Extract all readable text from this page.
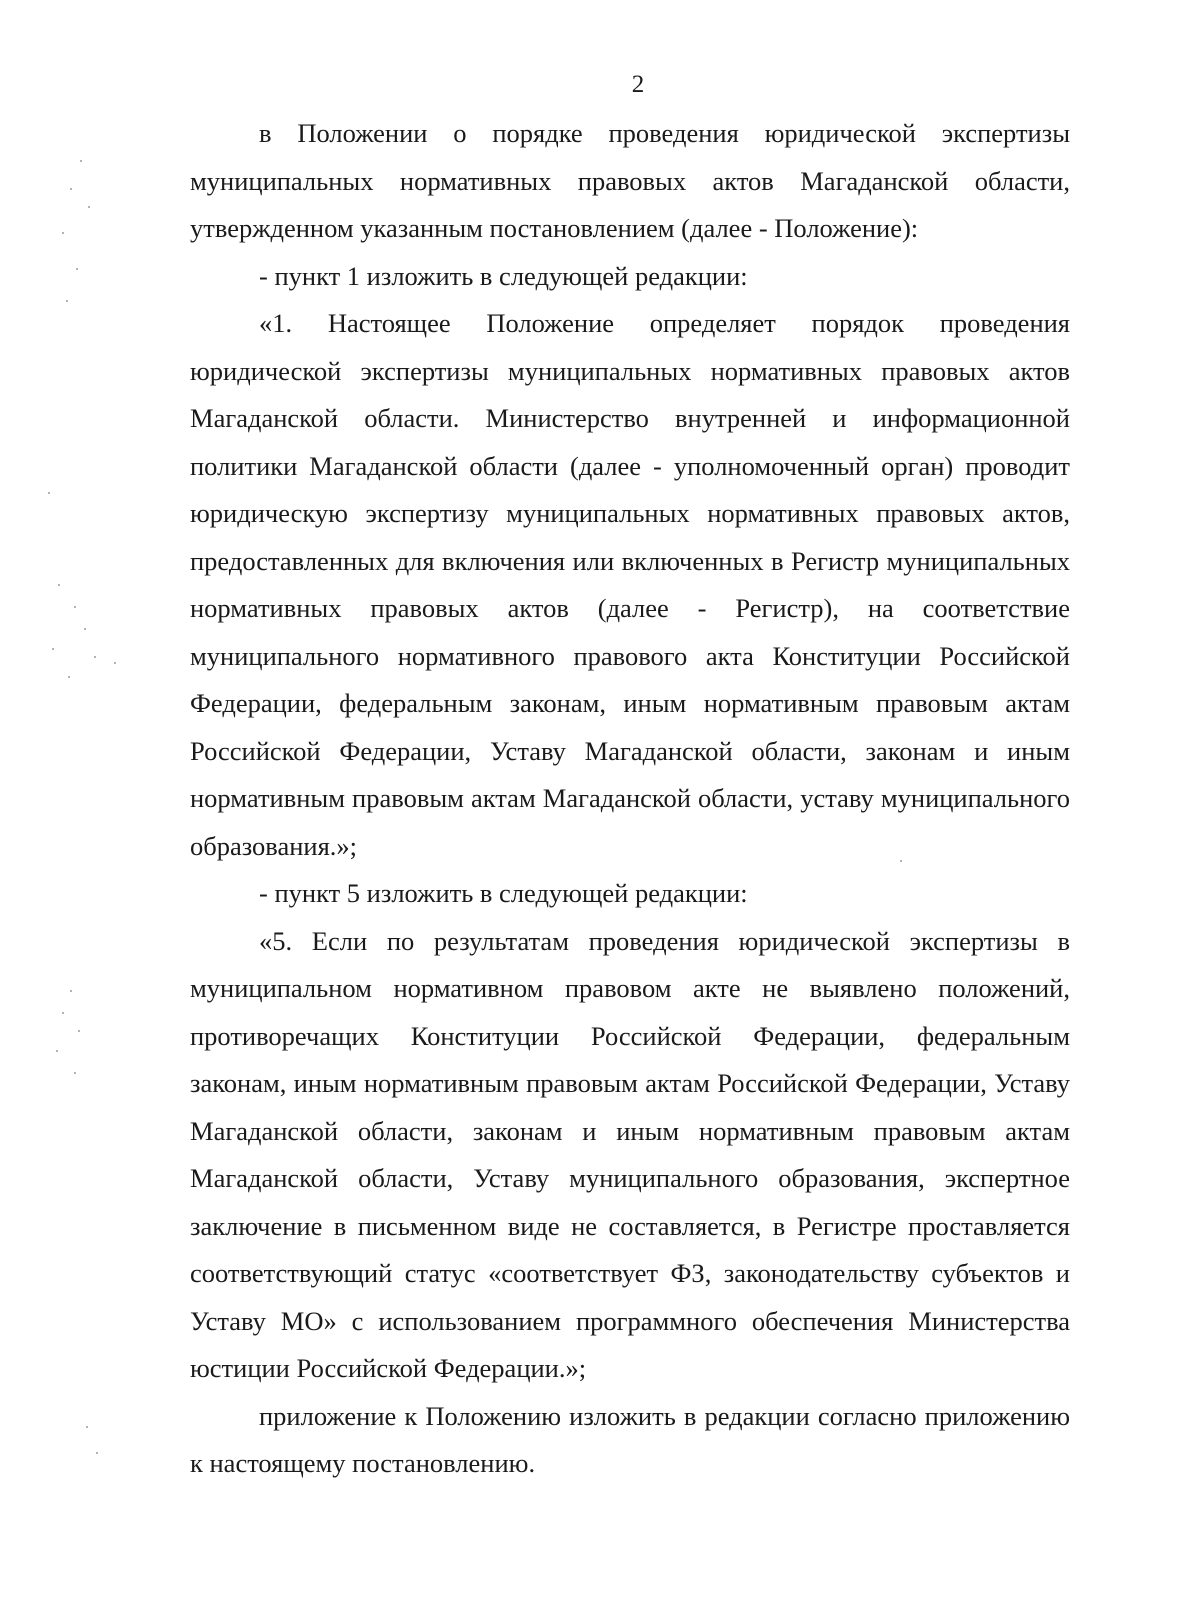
2

в Положении о порядке проведения юридической экспертизы муниципальных нормативных правовых актов Магаданской области, утвержденном указанным постановлением (далее - Положение):

- пункт 1 изложить в следующей редакции:

«1. Настоящее Положение определяет порядок проведения юридической экспертизы муниципальных нормативных правовых актов Магаданской области. Министерство внутренней и информационной политики Магаданской области (далее - уполномоченный орган) проводит юридическую экспертизу муниципальных нормативных правовых актов, предоставленных для включения или включенных в Регистр муниципальных нормативных правовых актов (далее - Регистр), на соответствие муниципального нормативного правового акта Конституции Российской Федерации, федеральным законам, иным нормативным правовым актам Российской Федерации, Уставу Магаданской области, законам и иным нормативным правовым актам Магаданской области, уставу муниципального образования.»;

- пункт 5 изложить в следующей редакции:

«5. Если по результатам проведения юридической экспертизы в муниципальном нормативном правовом акте не выявлено положений, противоречащих Конституции Российской Федерации, федеральным законам, иным нормативным правовым актам Российской Федерации, Уставу Магаданской области, законам и иным нормативным правовым актам Магаданской области, Уставу муниципального образования, экспертное заключение в письменном виде не составляется, в Регистре проставляется соответствующий статус «соответствует ФЗ, законодательству субъектов и Уставу МО» с использованием программного обеспечения Министерства юстиции Российской Федерации.»;

приложение к Положению изложить в редакции согласно приложению к настоящему постановлению.
